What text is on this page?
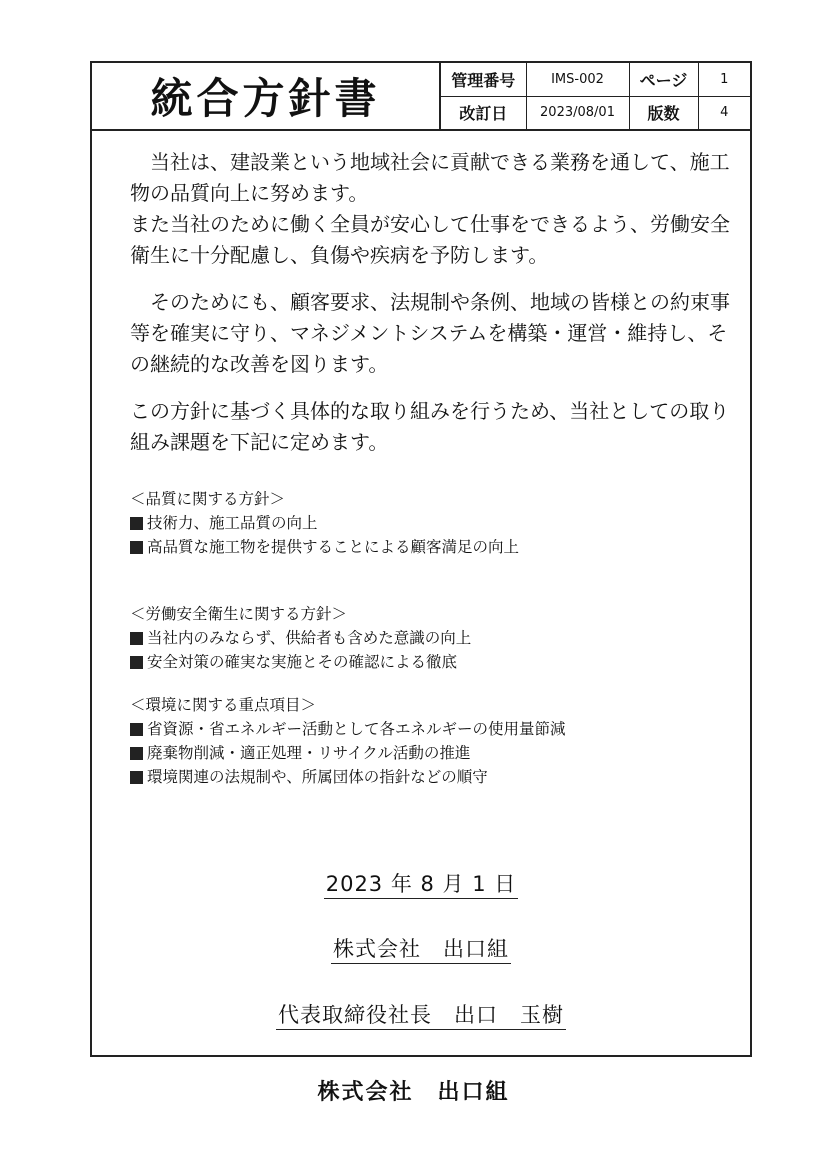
統合方針書	管理番号	IMS-002	ページ	1
改訂日	2023/08/01	版数	4

当社は、建設業という地域社会に貢献できる業務を通して、施工物の品質向上に努めます。

また当社のために働く全員が安心して仕事をできるよう、労働安全衛生に十分配慮し、負傷や疾病を予防します。

そのためにも、顧客要求、法規制や条例、地域の皆様との約束事等を確実に守り、マネジメントシステムを構築・運営・維持し、その継続的な改善を図ります。

この方針に基づく具体的な取り組みを行うため、当社としての取り組み課題を下記に定めます。

＜品質に関する方針＞

技術力、施工品質の向上
高品質な施工物を提供することによる顧客満足の向上

＜労働安全衛生に関する方針＞

当社内のみならず、供給者も含めた意識の向上
安全対策の確実な実施とその確認による徹底

＜環境に関する重点項目＞

省資源・省エネルギー活動として各エネルギーの使用量節減
廃棄物削減・適正処理・リサイクル活動の推進
環境関連の法規制や、所属団体の指針などの順守
2023 年 8 月 1 日
株式会社　出口組
代表取締役社長　出口　玉樹
株式会社　出口組
